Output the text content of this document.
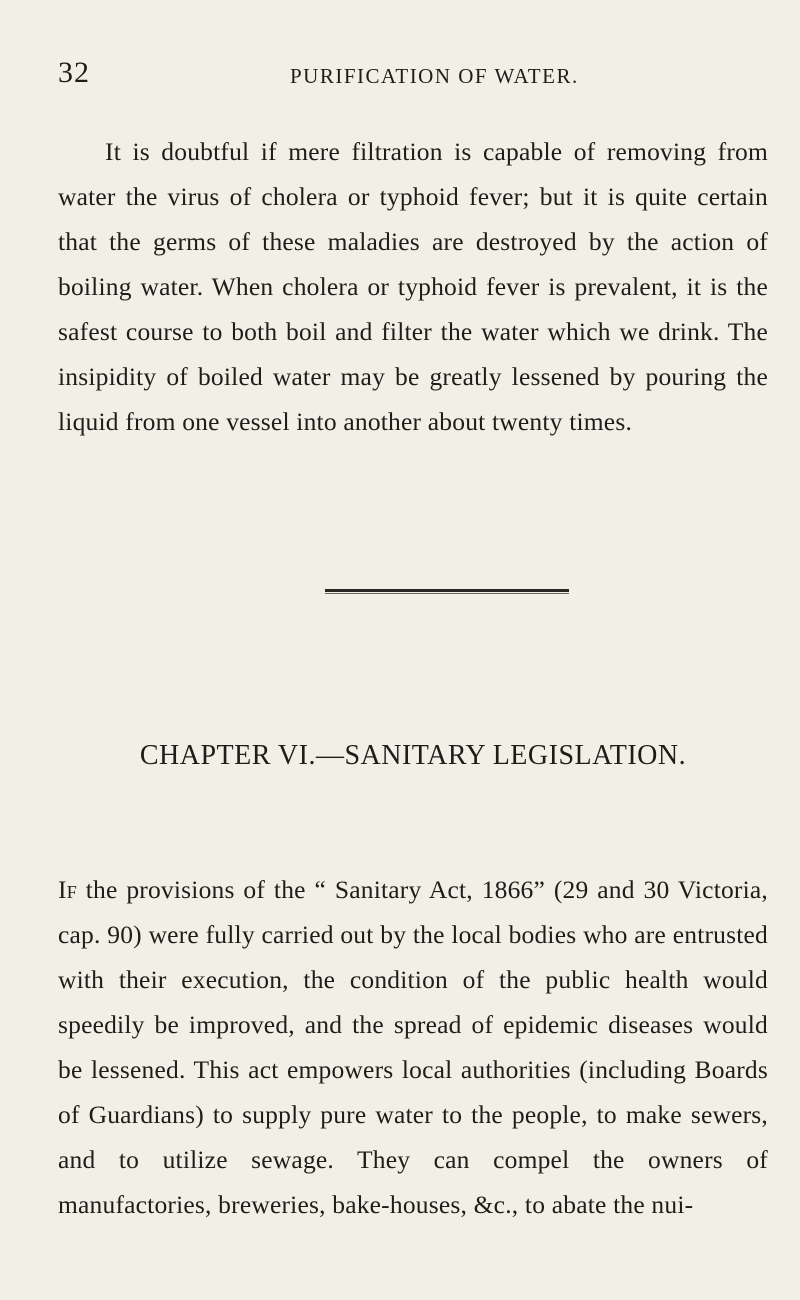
32	PURIFICATION OF WATER.

It is doubtful if mere filtration is capable of removing from water the virus of cholera or typhoid fever; but it is quite certain that the germs of these maladies are destroyed by the action of boiling water. When cholera or typhoid fever is prevalent, it is the safest course to both boil and filter the water which we drink. The insipidity of boiled water may be greatly lessened by pouring the liquid from one vessel into another about twenty times.

CHAPTER VI.—SANITARY LEGISLATION.

If the provisions of the “ Sanitary Act, 1866” (29 and 30 Victoria, cap. 90) were fully carried out by the local bodies who are entrusted with their execution, the condition of the public health would speedily be improved, and the spread of epidemic diseases would be lessened. This act empowers local authorities (including Boards of Guardians) to supply pure water to the people, to make sewers, and to utilize sewage. They can compel the owners of manufactories, breweries, bake-houses, &c., to abate the nui-
